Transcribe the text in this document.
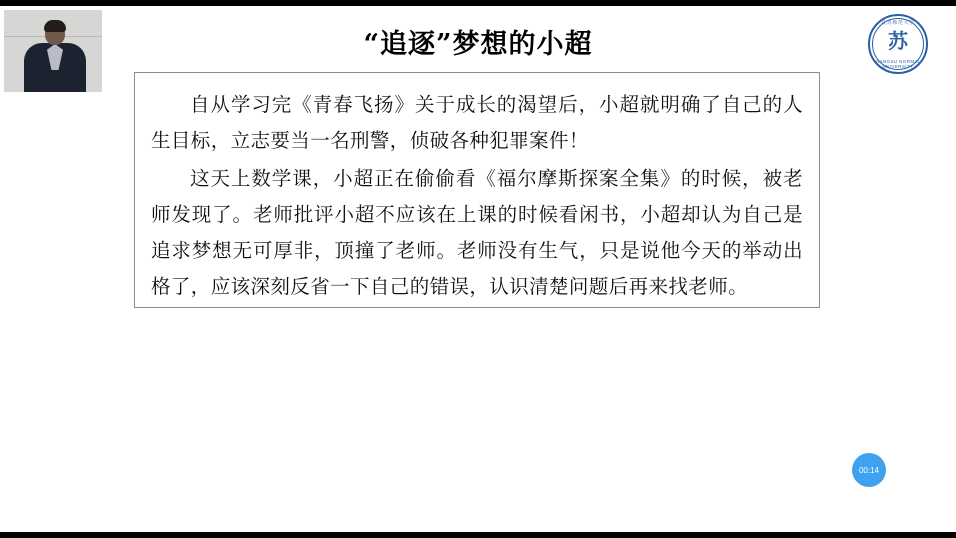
“追逐”梦想的小超
江苏师范大学
苏
JIANGSU NORMAL UNIVERSITY

自从学习完《青春飞扬》关于成长的渴望后，小超就明确了自己的人生目标，立志要当一名刑警，侦破各种犯罪案件！

这天上数学课，小超正在偷偷看《福尔摩斯探案全集》的时候，被老师发现了。老师批评小超不应该在上课的时候看闲书，小超却认为自己是追求梦想无可厚非，顶撞了老师。老师没有生气，只是说他今天的举动出格了，应该深刻反省一下自己的错误，认识清楚问题后再来找老师。

00:14
